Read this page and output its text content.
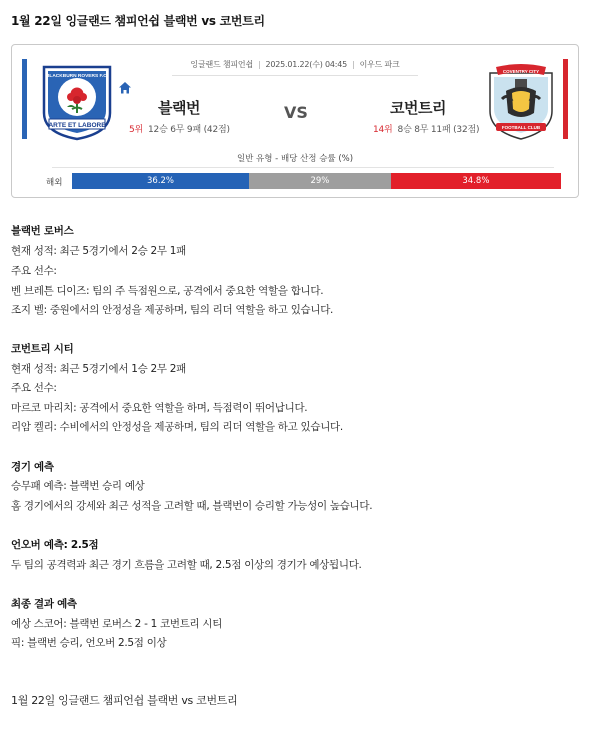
1월 22일 잉글랜드 챔피언쉽 블랙번 vs 코번트리
잉글랜드 챔피언쉽 | 2025.01.22(수) 04:45 | 이우드 파크
ARTE ET LABORE
BLACKBURN ROVERS F.C.
블랙번
5위 12승 6무 9패 (42점)
VS	코번트리
14위 8승 8무 11패 (32점)
COVENTRY CITY
FOOTBALL CLUB
일반 유형 - 배당 산정 승률 (%)
해외	36.2%	29%	34.8%
블랙번 로버스
현재 성적: 최근 5경기에서 2승 2무 1패
주요 선수:
벤 브레튼 디이즈: 팀의 주 득점원으로, 공격에서 중요한 역할을 합니다.
조지 벨: 중원에서의 안정성을 제공하며, 팀의 리더 역할을 하고 있습니다.
코번트리 시티
현재 성적: 최근 5경기에서 1승 2무 2패
주요 선수:
마르코 마리치: 공격에서 중요한 역할을 하며, 득점력이 뛰어납니다.
리암 켈리: 수비에서의 안정성을 제공하며, 팀의 리더 역할을 하고 있습니다.
경기 예측
승무패 예측: 블랙번 승리 예상
홈 경기에서의 강세와 최근 성적을 고려할 때, 블랙번이 승리할 가능성이 높습니다.
언오버 예측: 2.5점
두 팀의 공격력과 최근 경기 흐름을 고려할 때, 2.5점 이상의 경기가 예상됩니다.
최종 결과 예측
예상 스코어: 블랙번 로버스 2 - 1 코번트리 시티
픽: 블랙번 승리, 언오버 2.5점 이상
1월 22일 잉글랜드 챔피언쉽 블랙번 vs 코번트리
